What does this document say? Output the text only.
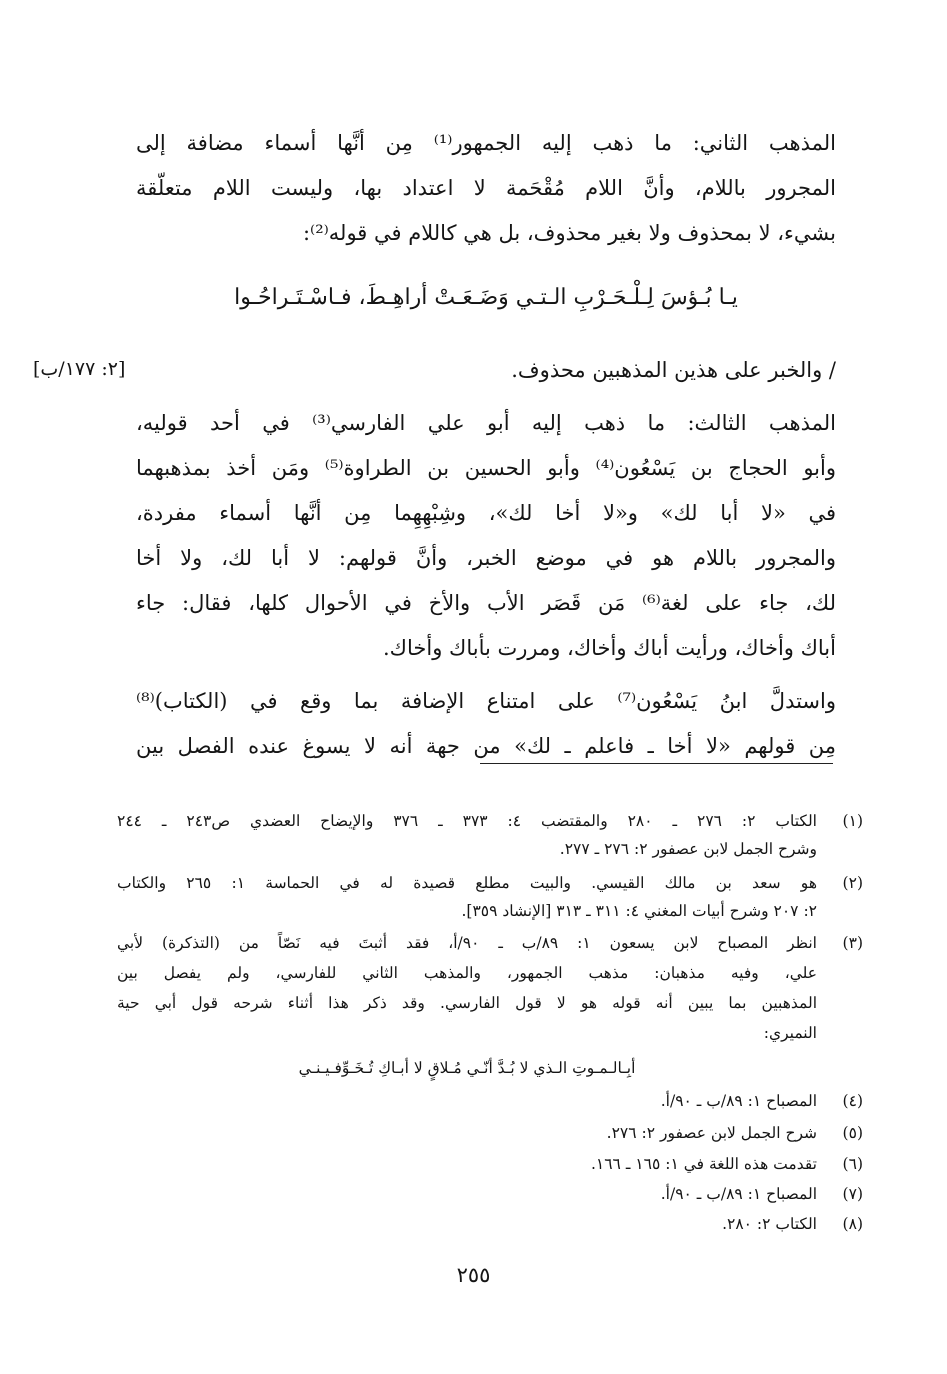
المذهب الثاني: ما ذهب إليه الجمهور⁽¹⁾ مِن أنَّها أسماء مضافة إلى

المجرور باللام، وأنَّ اللام مُقْحَمة لا اعتداد بها، وليست اللام متعلّقة

بشيء، لا بمحذوف ولا بغير محذوف، بل هي كاللام في قوله⁽²⁾:

يـا بُـؤسَ لِـلْـحَـرْبِ الـتـي وَضَـعَـتْ أراهِـطَ، فـاسْـتَـراحُـوا

/ والخبر على هذين المذهبين محذوف.

[٢: ١٧٧/ب]

المذهب الثالث: ما ذهب إليه أبو علي الفارسي⁽³⁾ في أحد قوليه،

وأبو الحجاج بن يَسْعُون⁽⁴⁾ وأبو الحسين بن الطراوة⁽⁵⁾ ومَن أخذ بمذهبهما

في «لا أبا لك» و«لا أخا لك»، وشِبْهِهِما مِن أنَّها أسماء مفردة،

والمجرور باللام هو في موضع الخبر، وأنَّ قولهم: لا أبا لك، ولا أخا

لك، جاء على لغة⁽⁶⁾ مَن قَصَر الأب والأخ في الأحوال كلها، فقال: جاء

أباك وأخاك، ورأيت أباك وأخاك، ومررت بأباك وأخاك.

واستدلَّ ابنُ يَسْعُون⁽⁷⁾ على امتناع الإضافة بما وقع في (الكتاب)⁽⁸⁾

مِن قولهم «لا أخا ـ فاعلم ـ لك» من جهة أنه لا يسوغ عنده الفصل بين

(١)
الكتاب ٢: ٢٧٦ ـ ٢٨٠ والمقتضب ٤: ٣٧٣ ـ ٣٧٦ والإيضاح العضدي ص٢٤٣ ـ ٢٤٤
وشرح الجمل لابن عصفور ٢: ٢٧٦ ـ ٢٧٧.
(٢)
هو سعد بن مالك القيسي. والبيت مطلع قصيدة له في الحماسة ١: ٢٦٥ والكتاب
٢: ٢٠٧ وشرح أبيات المغني ٤: ٣١١ ـ ٣١٣ [الإنشاد ٣٥٩].
(٣)
انظر المصباح لابن يسعون ١: ٨٩/ب ـ ٩٠/أ، فقد أثبتَ فيه نَصّاً من (التذكرة) لأبي
علي، وفيه مذهبان: مذهب الجمهور، والمذهب الثاني للفارسي، ولم يفصل بين
المذهبين بما يبين أنه قوله هو لا قول الفارسي. وقد ذكر هذا أثناء شرحه قول أبي حية
النميري:
أبِـالـمـوتِ الـذي لا بُـدَّ أنّـي مُـلاقٍ لا أبـاكِ تُـخَـوِّفـيـنـي
(٤)
المصباح ١: ٨٩/ب ـ ٩٠/أ.
(٥)
شرح الجمل لابن عصفور ٢: ٢٧٦.
(٦)
تقدمت هذه اللغة في ١: ١٦٥ ـ ١٦٦.
(٧)
المصباح ١: ٨٩/ب ـ ٩٠/أ.
(٨)
الكتاب ٢: ٢٨٠.
٢٥٥
